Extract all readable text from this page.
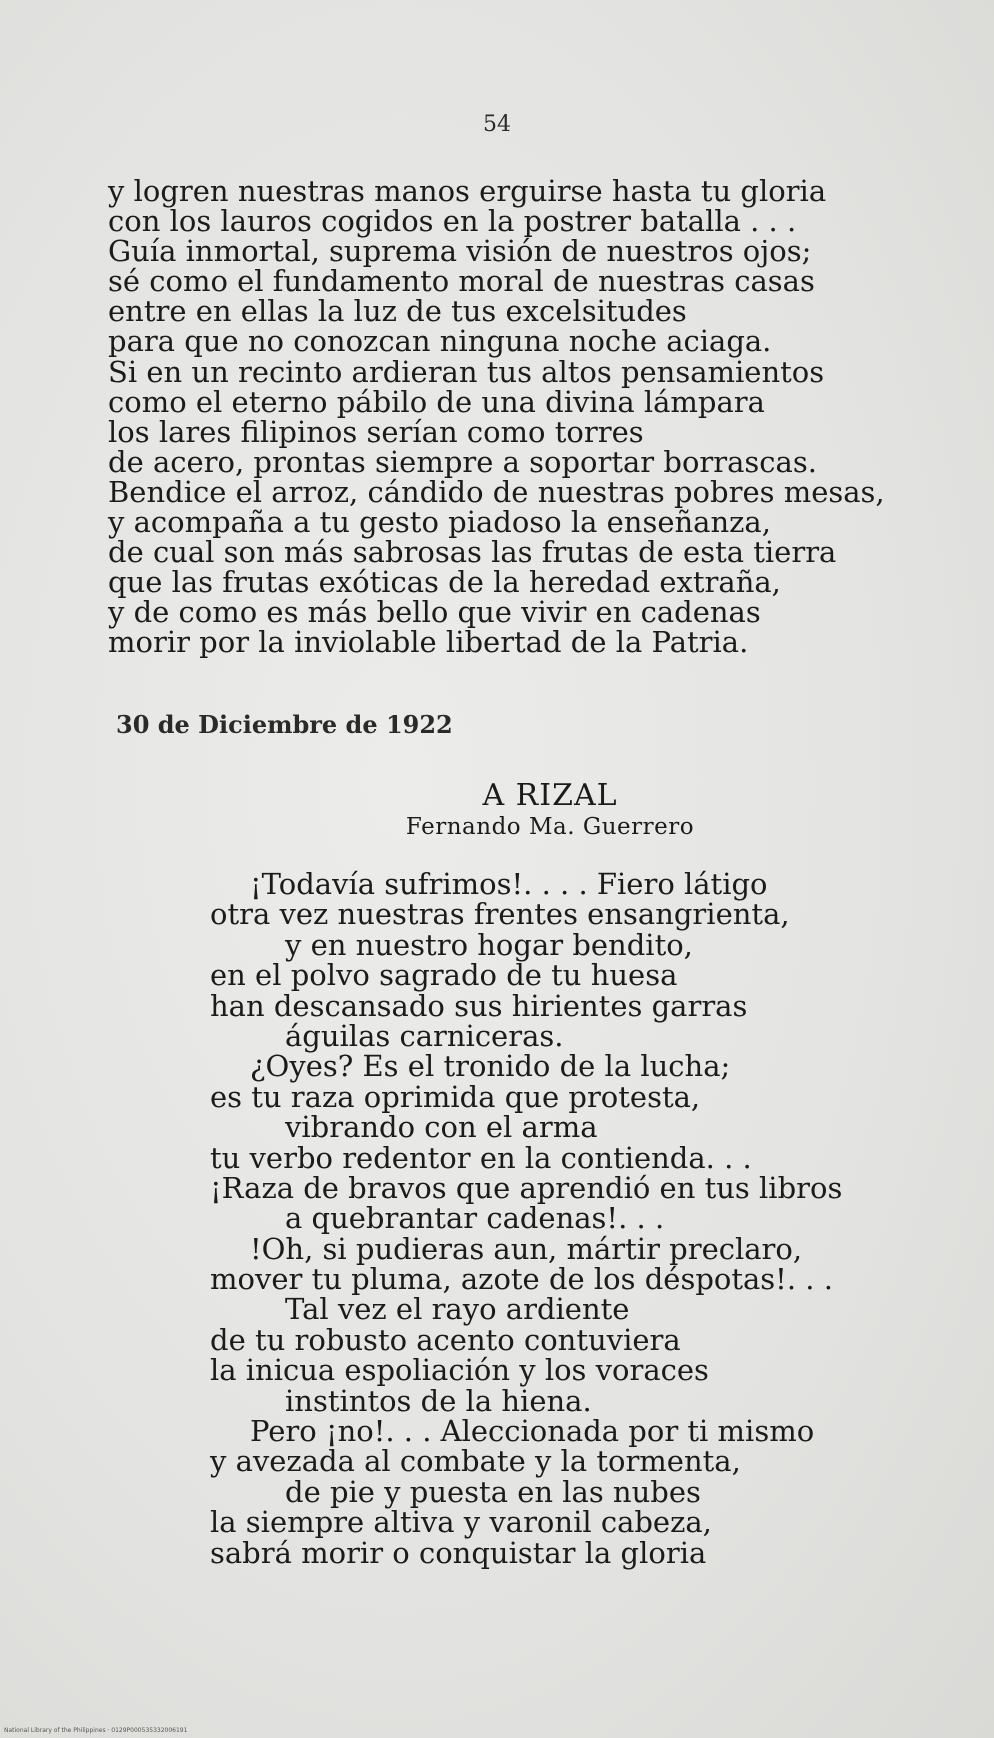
54
y logren nuestras manos erguirse hasta tu gloria
con los lauros cogidos en la postrer batalla . . .
Guía inmortal, suprema visión de nuestros ojos;
sé como el fundamento moral de nuestras casas
entre en ellas la luz de tus excelsitudes
para que no conozcan ninguna noche aciaga.
Si en un recinto ardieran tus altos pensamientos
como el eterno pábilo de una divina lámpara
los lares filipinos serían como torres
de acero, prontas siempre a soportar borrascas.
Bendice el arroz, cándido de nuestras pobres mesas,
y acompaña a tu gesto piadoso la enseñanza,
de cual son más sabrosas las frutas de esta tierra
que las frutas exóticas de la heredad extraña,
y de como es más bello que vivir en cadenas
morir por la inviolable libertad de la Patria.
30 de Diciembre de 1922
A RIZAL
Fernando Ma. Guerrero
¡Todavía sufrimos!. . . . Fiero látigo
otra vez nuestras frentes ensangrienta,
y en nuestro hogar bendito,
en el polvo sagrado de tu huesa
han descansado sus hirientes garras
águilas carniceras.
¿Oyes? Es el tronido de la lucha;
es tu raza oprimida que protesta,
vibrando con el arma
tu verbo redentor en la contienda. . .
¡Raza de bravos que aprendió en tus libros
a quebrantar cadenas!. . .
!Oh, si pudieras aun, mártir preclaro,
mover tu pluma, azote de los déspotas!. . .
Tal vez el rayo ardiente
de tu robusto acento contuviera
la inicua espoliación y los voraces
instintos de la hiena.
Pero ¡no!. . . Aleccionada por ti mismo
y avezada al combate y la tormenta,
de pie y puesta en las nubes
la siempre altiva y varonil cabeza,
sabrá morir o conquistar la gloria
National Library of the Philippines · 0129P000535332006191
